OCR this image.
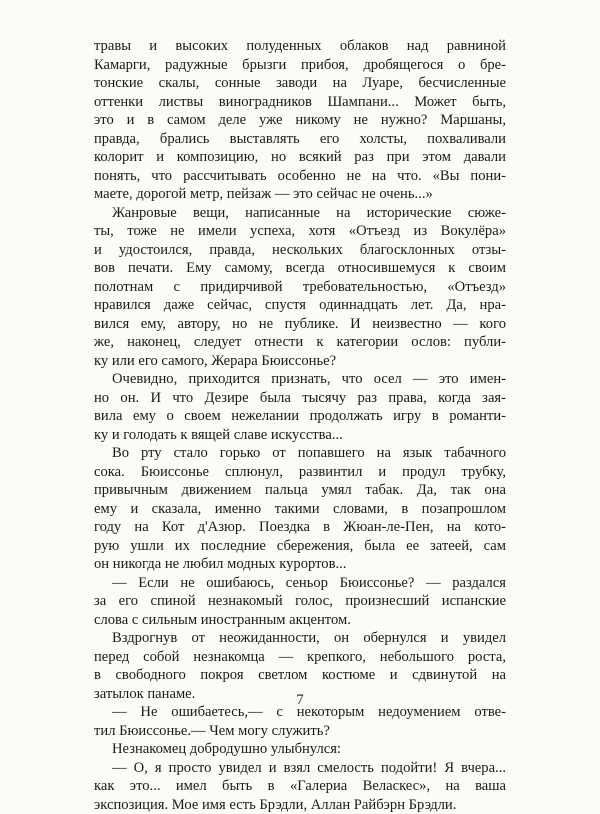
травы и высоких полуденных облаков над равниной
Камарги, радужные брызги прибоя, дробящегося о бре-
тонские скалы, сонные заводи на Луаре, бесчисленные
оттенки листвы виноградников Шампани... Может быть,
это и в самом деле уже никому не нужно? Маршаны,
правда, брались выставлять его холсты, похваливали
колорит и композицию, но всякий раз при этом давали
понять, что рассчитывать особенно не на что. «Вы пони-
маете, дорогой метр, пейзаж — это сейчас не очень...»
Жанровые вещи, написанные на исторические сюже-
ты, тоже не имели успеха, хотя «Отъезд из Вокулёра»
и удостоился, правда, нескольких благосклонных отзы-
вов печати. Ему самому, всегда относившемуся к своим
полотнам с придирчивой требовательностью, «Отъезд»
нравился даже сейчас, спустя одиннадцать лет. Да, нра-
вился ему, автору, но не публике. И неизвестно — кого
же, наконец, следует отнести к категории ослов: публи-
ку или его самого, Жерара Бюиссонье?
Очевидно, приходится признать, что осел — это имен-
но он. И что Дезире была тысячу раз права, когда зая-
вила ему о своем нежелании продолжать игру в романти-
ку и голодать к вящей славе искусства...
Во рту стало горько от попавшего на язык табачного
сока. Бюиссонье сплюнул, развинтил и продул трубку,
привычным движением пальца умял табак. Да, так она
ему и сказала, именно такими словами, в позапрошлом
году на Кот д'Азюр. Поездка в Жюан-ле-Пен, на кото-
рую ушли их последние сбережения, была ее затеей, сам
он никогда не любил модных курортов...
— Если не ошибаюсь, сеньор Бюиссонье? — раздался
за его спиной незнакомый голос, произнесший испанские
слова с сильным иностранным акцентом.
Вздрогнув от неожиданности, он обернулся и увидел
перед собой незнакомца — крепкого, небольшого роста,
в свободного покроя светлом костюме и сдвинутой на
затылок панаме.
— Не ошибаетесь,— с некоторым недоумением отве-
тил Бюиссонье.— Чем могу служить?
Незнакомец добродушно улыбнулся:
— О, я просто увидел и взял смелость подойти! Я вчера...
как это... имел быть в «Галериа Веласкес», на ваша
экспозиция. Мое имя есть Брэдли, Аллан Райбэрн Брэдли.
7
